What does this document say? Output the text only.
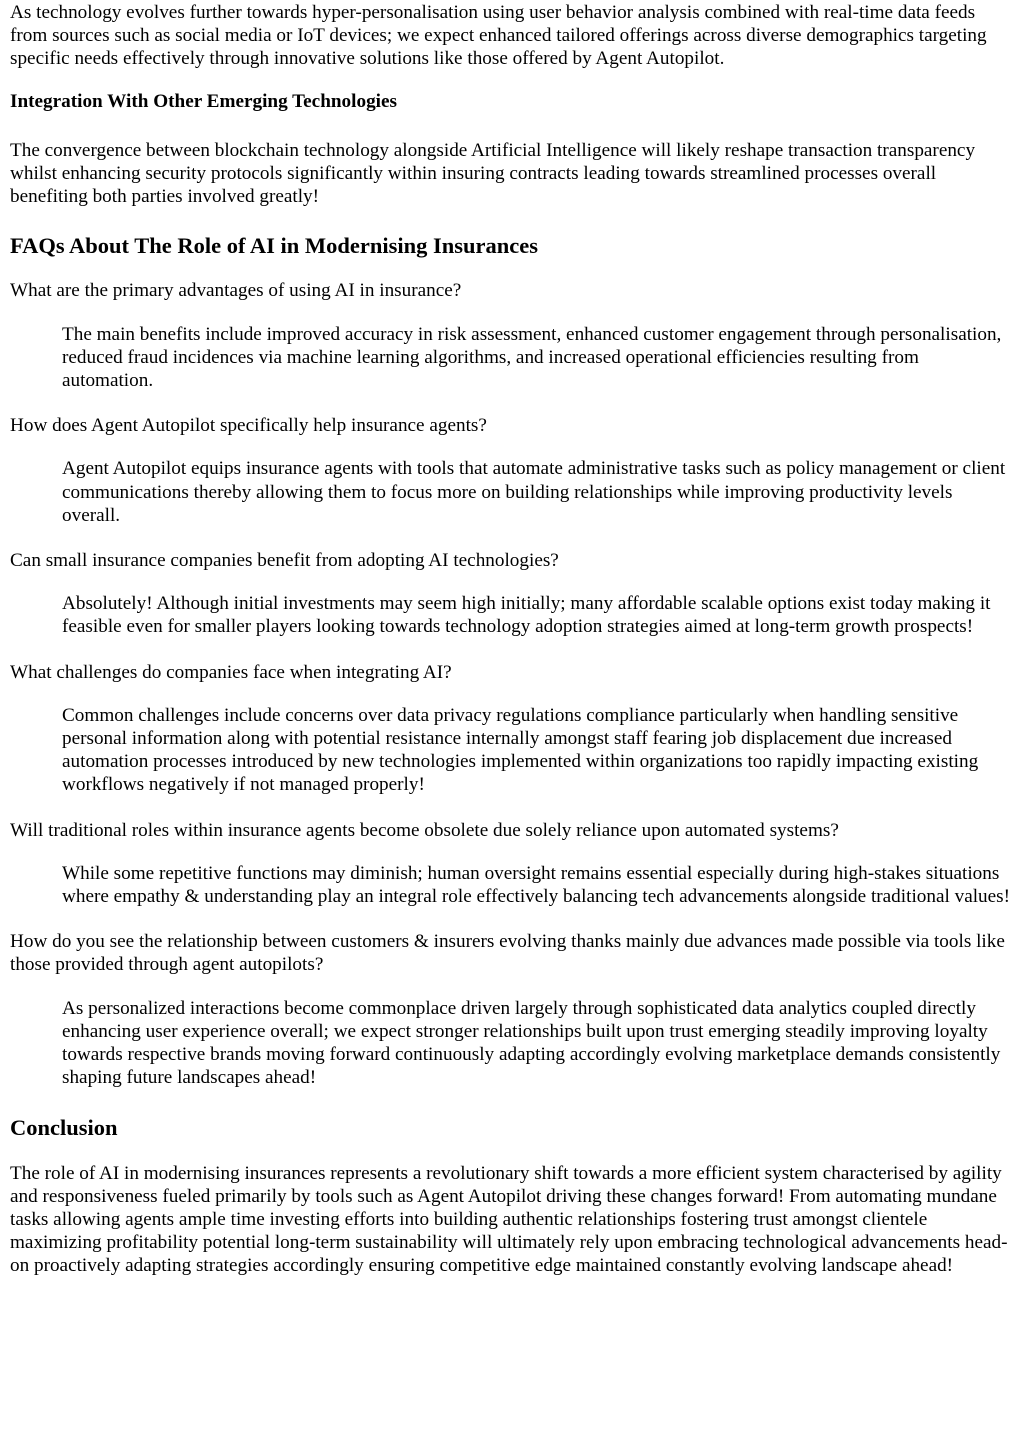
As technology evolves further towards hyper-personalisation using user behavior analysis combined with real-time data feeds from sources such as social media or IoT devices; we expect enhanced tailored offerings across diverse demographics targeting specific needs effectively through innovative solutions like those offered by Agent Autopilot.

Integration With Other Emerging Technologies

The convergence between blockchain technology alongside Artificial Intelligence will likely reshape transaction transparency whilst enhancing security protocols significantly within insuring contracts leading towards streamlined processes overall benefiting both parties involved greatly!

FAQs About The Role of AI in Modernising Insurances

What are the primary advantages of using AI in insurance?

The main benefits include improved accuracy in risk assessment, enhanced customer engagement through personalisation, reduced fraud incidences via machine learning algorithms, and increased operational efficiencies resulting from automation.

How does Agent Autopilot specifically help insurance agents?

Agent Autopilot equips insurance agents with tools that automate administrative tasks such as policy management or client communications thereby allowing them to focus more on building relationships while improving productivity levels overall.

Can small insurance companies benefit from adopting AI technologies?

Absolutely! Although initial investments may seem high initially; many affordable scalable options exist today making it feasible even for smaller players looking towards technology adoption strategies aimed at long-term growth prospects!

What challenges do companies face when integrating AI?

Common challenges include concerns over data privacy regulations compliance particularly when handling sensitive personal information along with potential resistance internally amongst staff fearing job displacement due increased automation processes introduced by new technologies implemented within organizations too rapidly impacting existing workflows negatively if not managed properly!

Will traditional roles within insurance agents become obsolete due solely reliance upon automated systems?

While some repetitive functions may diminish; human oversight remains essential especially during high-stakes situations where empathy & understanding play an integral role effectively balancing tech advancements alongside traditional values!

How do you see the relationship between customers & insurers evolving thanks mainly due advances made possible via tools like those provided through agent autopilots?

As personalized interactions become commonplace driven largely through sophisticated data analytics coupled directly enhancing user experience overall; we expect stronger relationships built upon trust emerging steadily improving loyalty towards respective brands moving forward continuously adapting accordingly evolving marketplace demands consistently shaping future landscapes ahead!

Conclusion

The role of AI in modernising insurances represents a revolutionary shift towards a more efficient system characterised by agility and responsiveness fueled primarily by tools such as Agent Autopilot driving these changes forward! From automating mundane tasks allowing agents ample time investing efforts into building authentic relationships fostering trust amongst clientele maximizing profitability potential long-term sustainability will ultimately rely upon embracing technological advancements head-on proactively adapting strategies accordingly ensuring competitive edge maintained constantly evolving landscape ahead!
